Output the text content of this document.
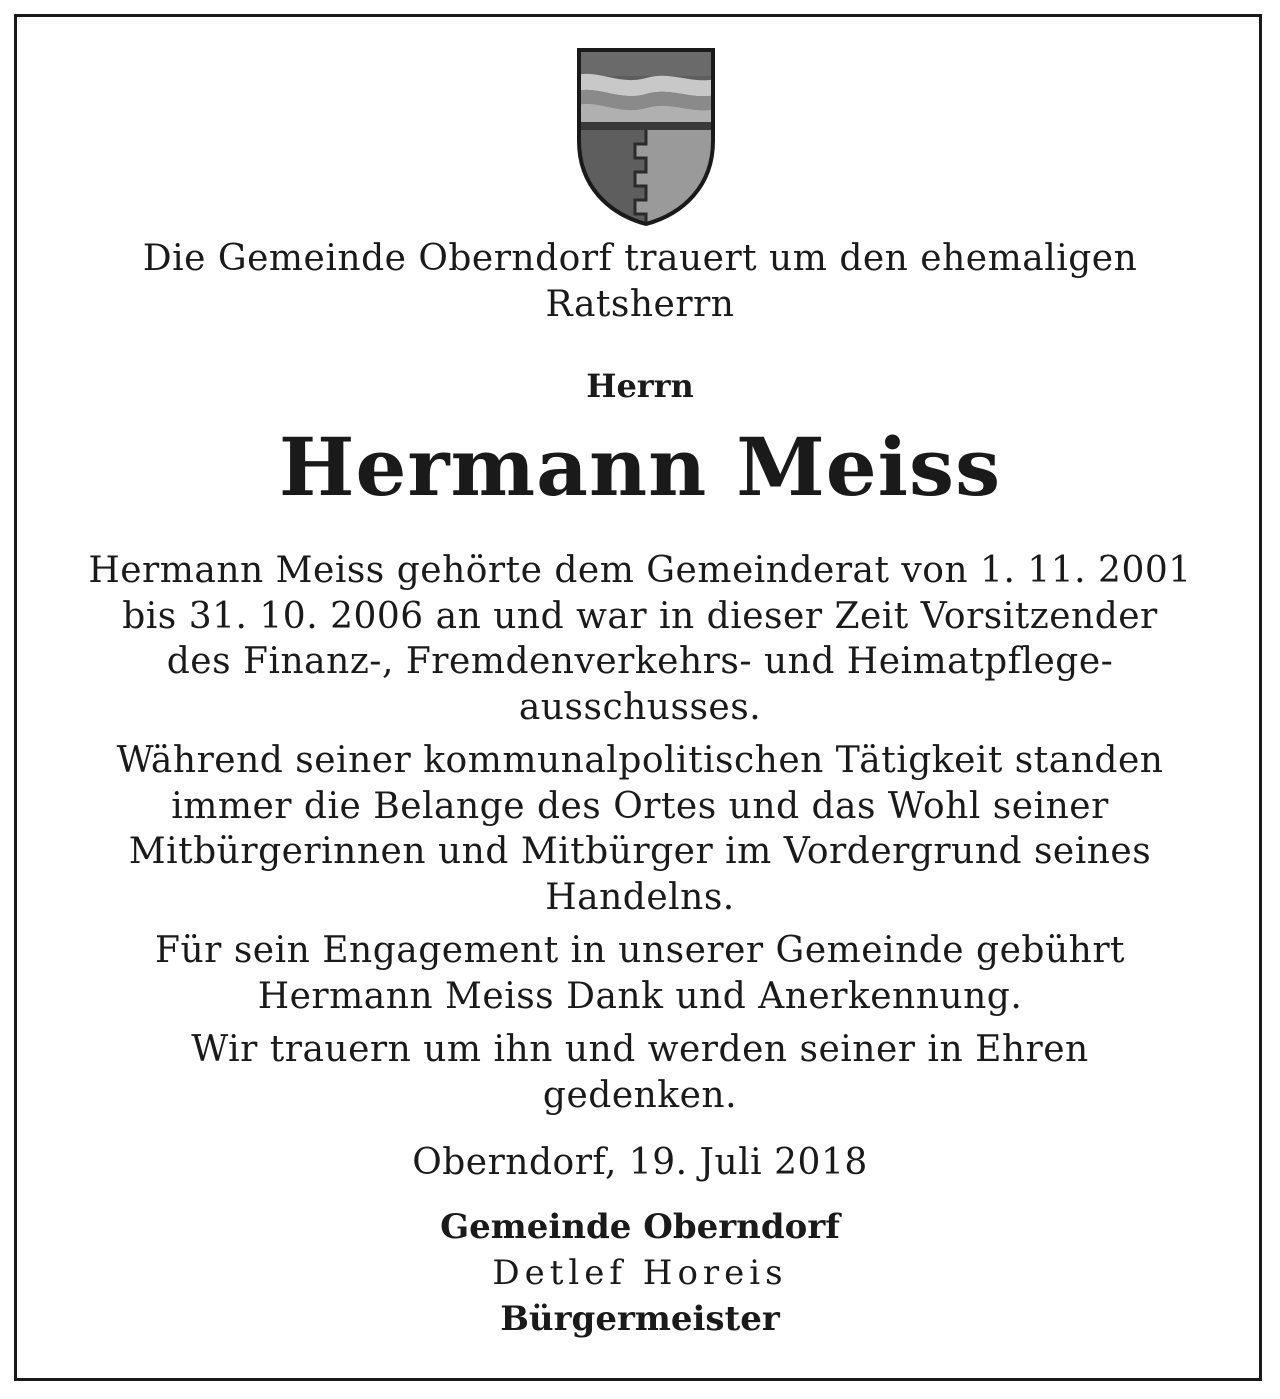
Die Gemeinde Oberndorf trauert um den ehemaligen
Ratsherrn
Herrn
Hermann Meiss

Hermann Meiss gehörte dem Gemeinderat von 1. 11. 2001
bis 31. 10. 2006 an und war in dieser Zeit Vorsitzender
des Finanz-, Fremdenverkehrs- und Heimatpflege-
ausschusses.

Während seiner kommunalpolitischen Tätigkeit standen
immer die Belange des Ortes und das Wohl seiner
Mitbürgerinnen und Mitbürger im Vordergrund seines
Handelns.

Für sein Engagement in unserer Gemeinde gebührt
Hermann Meiss Dank und Anerkennung.

Wir trauern um ihn und werden seiner in Ehren
gedenken.

Oberndorf, 19. Juli 2018
Gemeinde Oberndorf
Detlef Horeis
Bürgermeister
